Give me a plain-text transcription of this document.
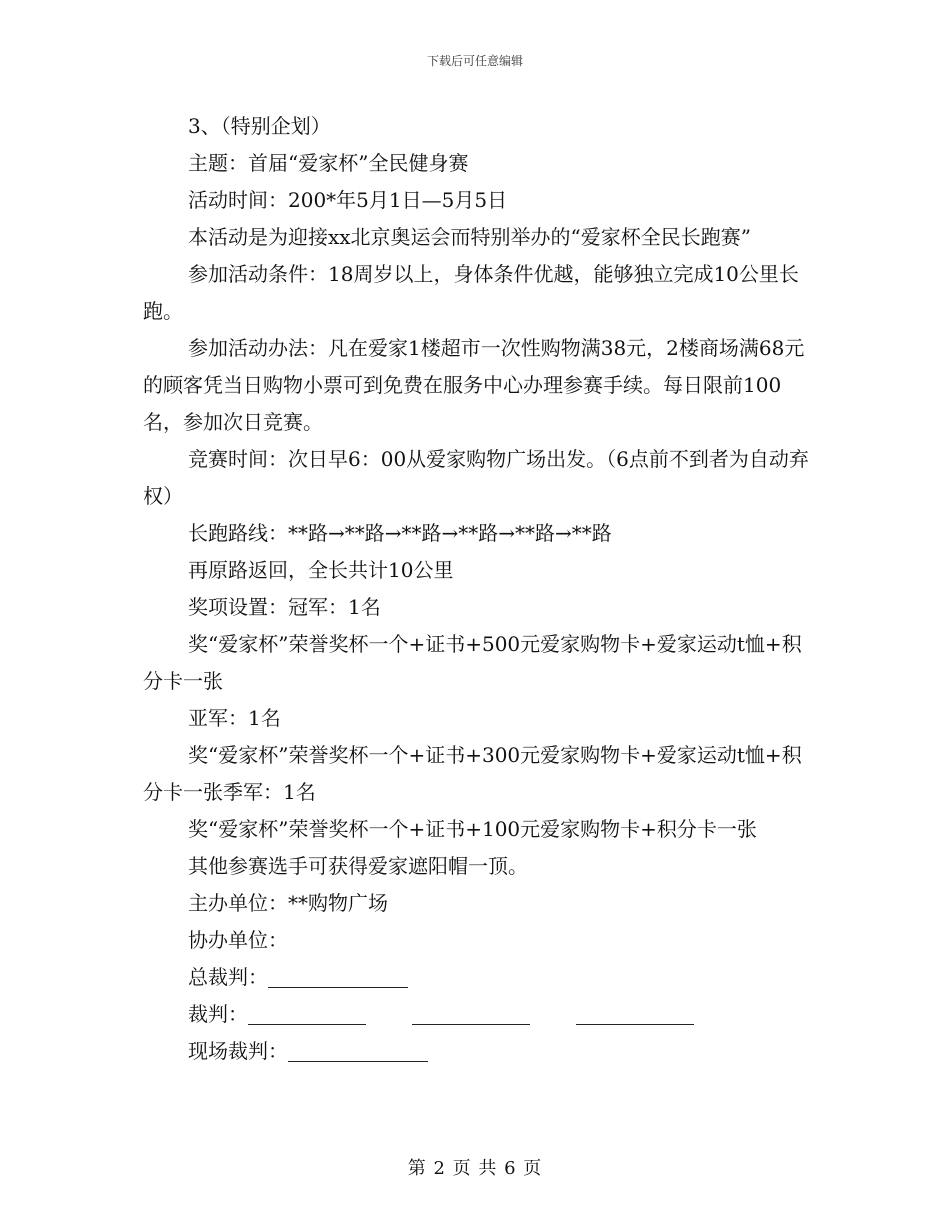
下载后可任意编辑

3、（特别企划）

主题：首届“爱家杯”全民健身赛

活动时间：200*年5月1日—5月5日

本活动是为迎接xx北京奥运会而特别举办的“爱家杯全民长跑赛”

参加活动条件：18周岁以上，身体条件优越，能够独立完成10公里长跑。

参加活动办法：凡在爱家1楼超市一次性购物满38元，2楼商场满68元的顾客凭当日购物小票可到免费在服务中心办理参赛手续。每日限前100名，参加次日竞赛。

竞赛时间：次日早6：00从爱家购物广场出发。（6点前不到者为自动弃权）

长跑路线：**路→**路→**路→**路→**路→**路

再原路返回，全长共计10公里

奖项设置：冠军：1名

奖“爱家杯”荣誉奖杯一个+证书+500元爱家购物卡+爱家运动t恤+积分卡一张

亚军：1名

奖“爱家杯”荣誉奖杯一个+证书+300元爱家购物卡+爱家运动t恤+积分卡一张季军：1名

奖“爱家杯”荣誉奖杯一个+证书+100元爱家购物卡+积分卡一张

其他参赛选手可获得爱家遮阳帽一顶。

主办单位：**购物广场

协办单位：

总裁判：

裁判：

现场裁判：

第 2 页 共 6 页
